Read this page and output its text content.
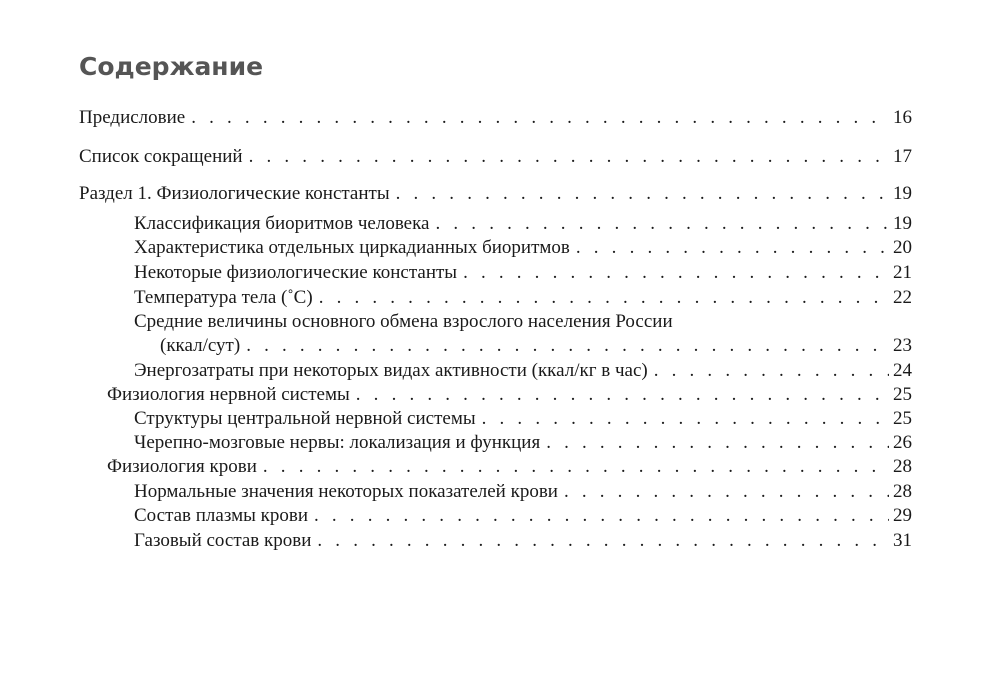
Содержание
Предисловие . . .	16
Список сокращений . . .	17
Раздел 1. Физиологические константы . . .	19
Классификация биоритмов человека . . .	19
Характеристика отдельных циркадианных биоритмов . . .	20
Некоторые физиологические константы . . .	21
Температура тела (˚С) . . .	22
Средние величины основного обмена взрослого населения России
(ккал/сут) . . .	23
Энергозатраты при некоторых видах активности (ккал/кг в час) . . .	24
Физиология нервной системы . . .	25
Структуры центральной нервной системы . . .	25
Черепно-мозговые нервы: локализация и функция . . .	26
Физиология крови . . .	28
Нормальные значения некоторых показателей крови . . .	28
Состав плазмы крови . . .	29
Газовый состав крови . . .	31
